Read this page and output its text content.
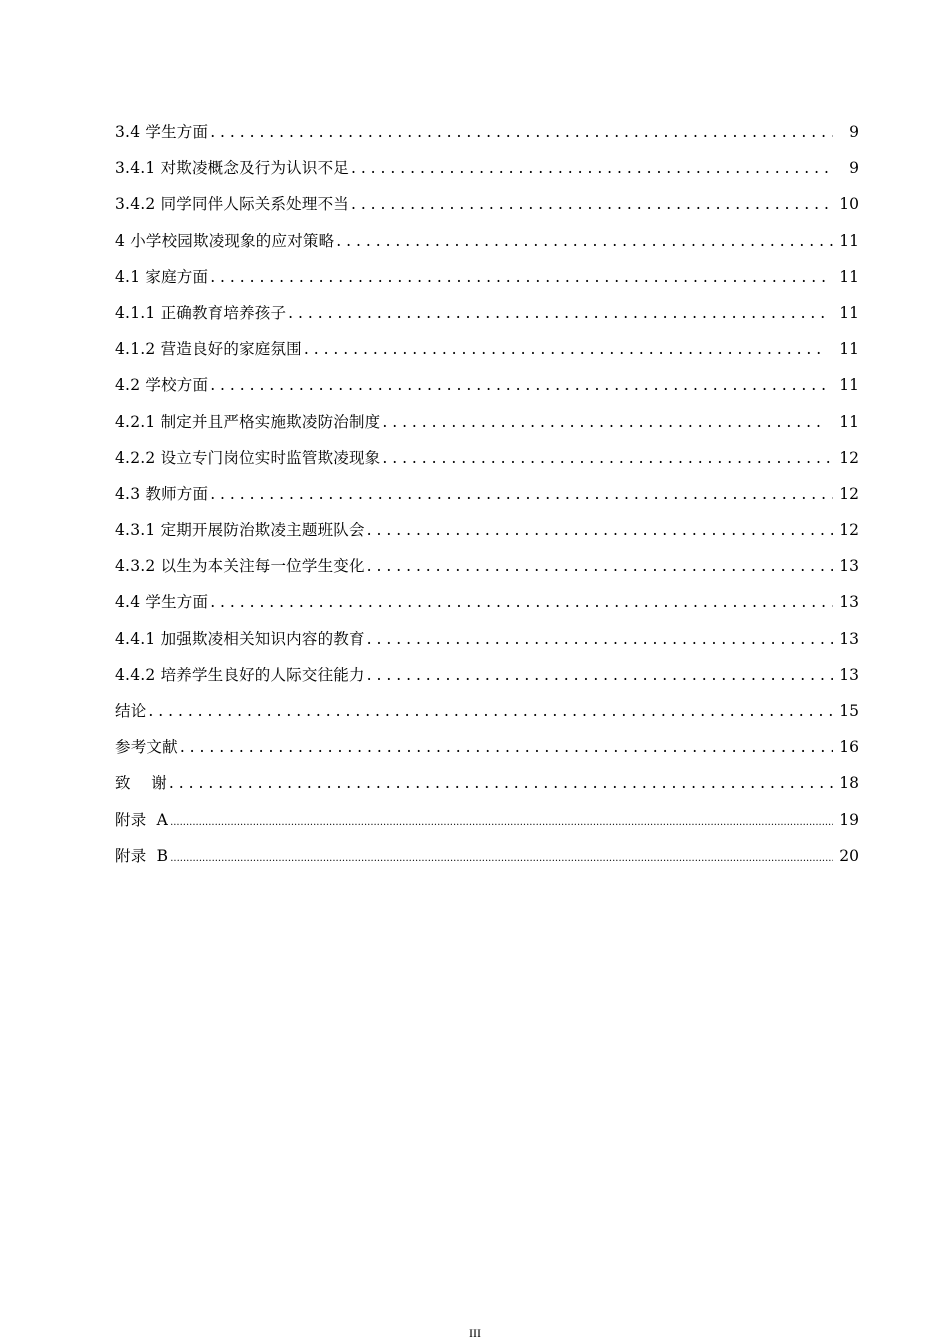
3.4 学生方面 . . .	9
3.4.1 对欺凌概念及行为认识不足 . . .	9
3.4.2 同学同伴人际关系处理不当 . . .	10
4 小学校园欺凌现象的应对策略 . . .	11
4.1 家庭方面 . . .	11
4.1.1 正确教育培养孩子 . . .	11
4.1.2 营造良好的家庭氛围 . . .	11
4.2 学校方面 . . .	11
4.2.1 制定并且严格实施欺凌防治制度 . . .	11
4.2.2 设立专门岗位实时监管欺凌现象 . . .	12
4.3 教师方面 . . .	12
4.3.1 定期开展防治欺凌主题班队会 . . .	12
4.3.2 以生为本关注每一位学生变化 . . .	13
4.4 学生方面 . . .	13
4.4.1 加强欺凌相关知识内容的教育 . . .	13
4.4.2 培养学生良好的人际交往能力 . . .	13
结论 . . .	15
参考文献 . . .	16
致    谢 . . .	18
附录  A .....	19
附录  B .....	20
III
